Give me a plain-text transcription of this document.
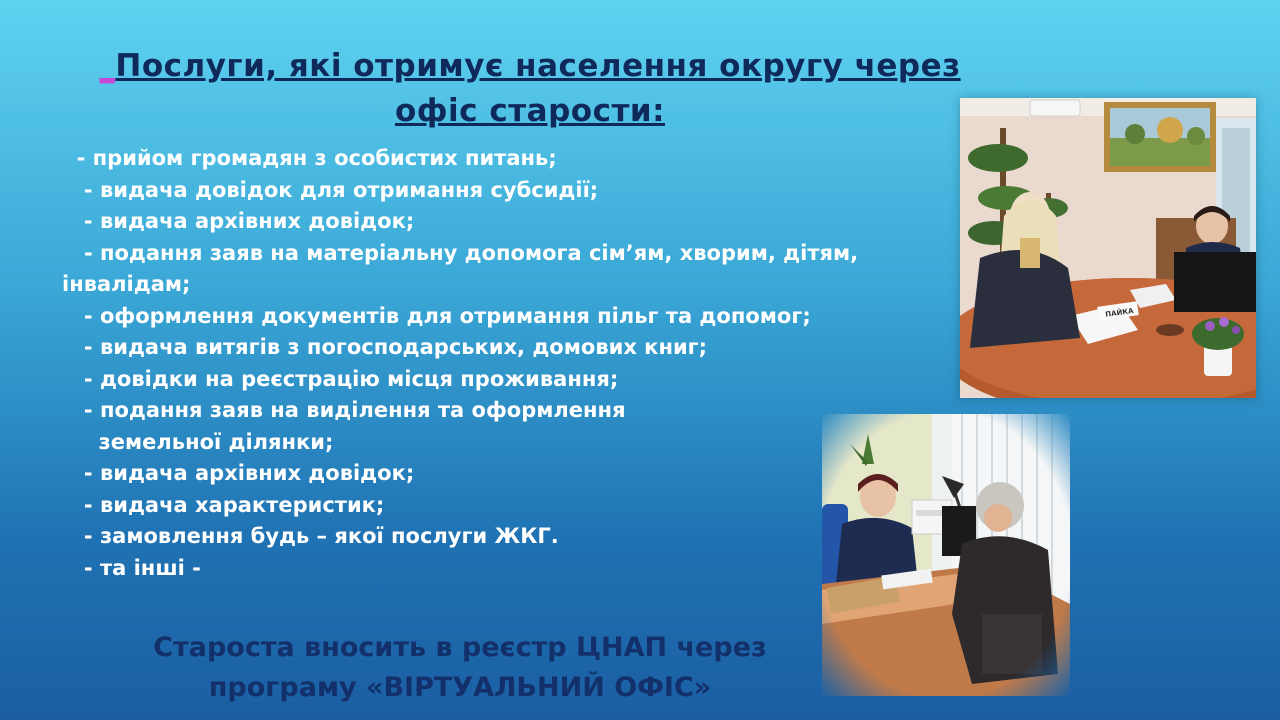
_Послуги, які отримує населення округу через
офіс старости:
- прийом громадян з особистих питань;
- видача довідок для отримання субсидії;
- видача архівних довідок;
- подання заяв на матеріальну допомога сім’ям, хворим, дітям, інвалідам;
- оформлення документів для отримання пільг та допомог;
- видача витягів з погосподарських, домових книг;
- довідки на реєстрацію місця проживання;
- подання заяв на виділення та оформлення
земельної ділянки;
- видача архівних довідок;
- видача характеристик;
- замовлення будь – якої послуги ЖКГ.
- та інші -
ПАЙКА
Староста вносить в реєстр ЦНАП через
програму «ВІРТУАЛЬНИЙ ОФІС»
